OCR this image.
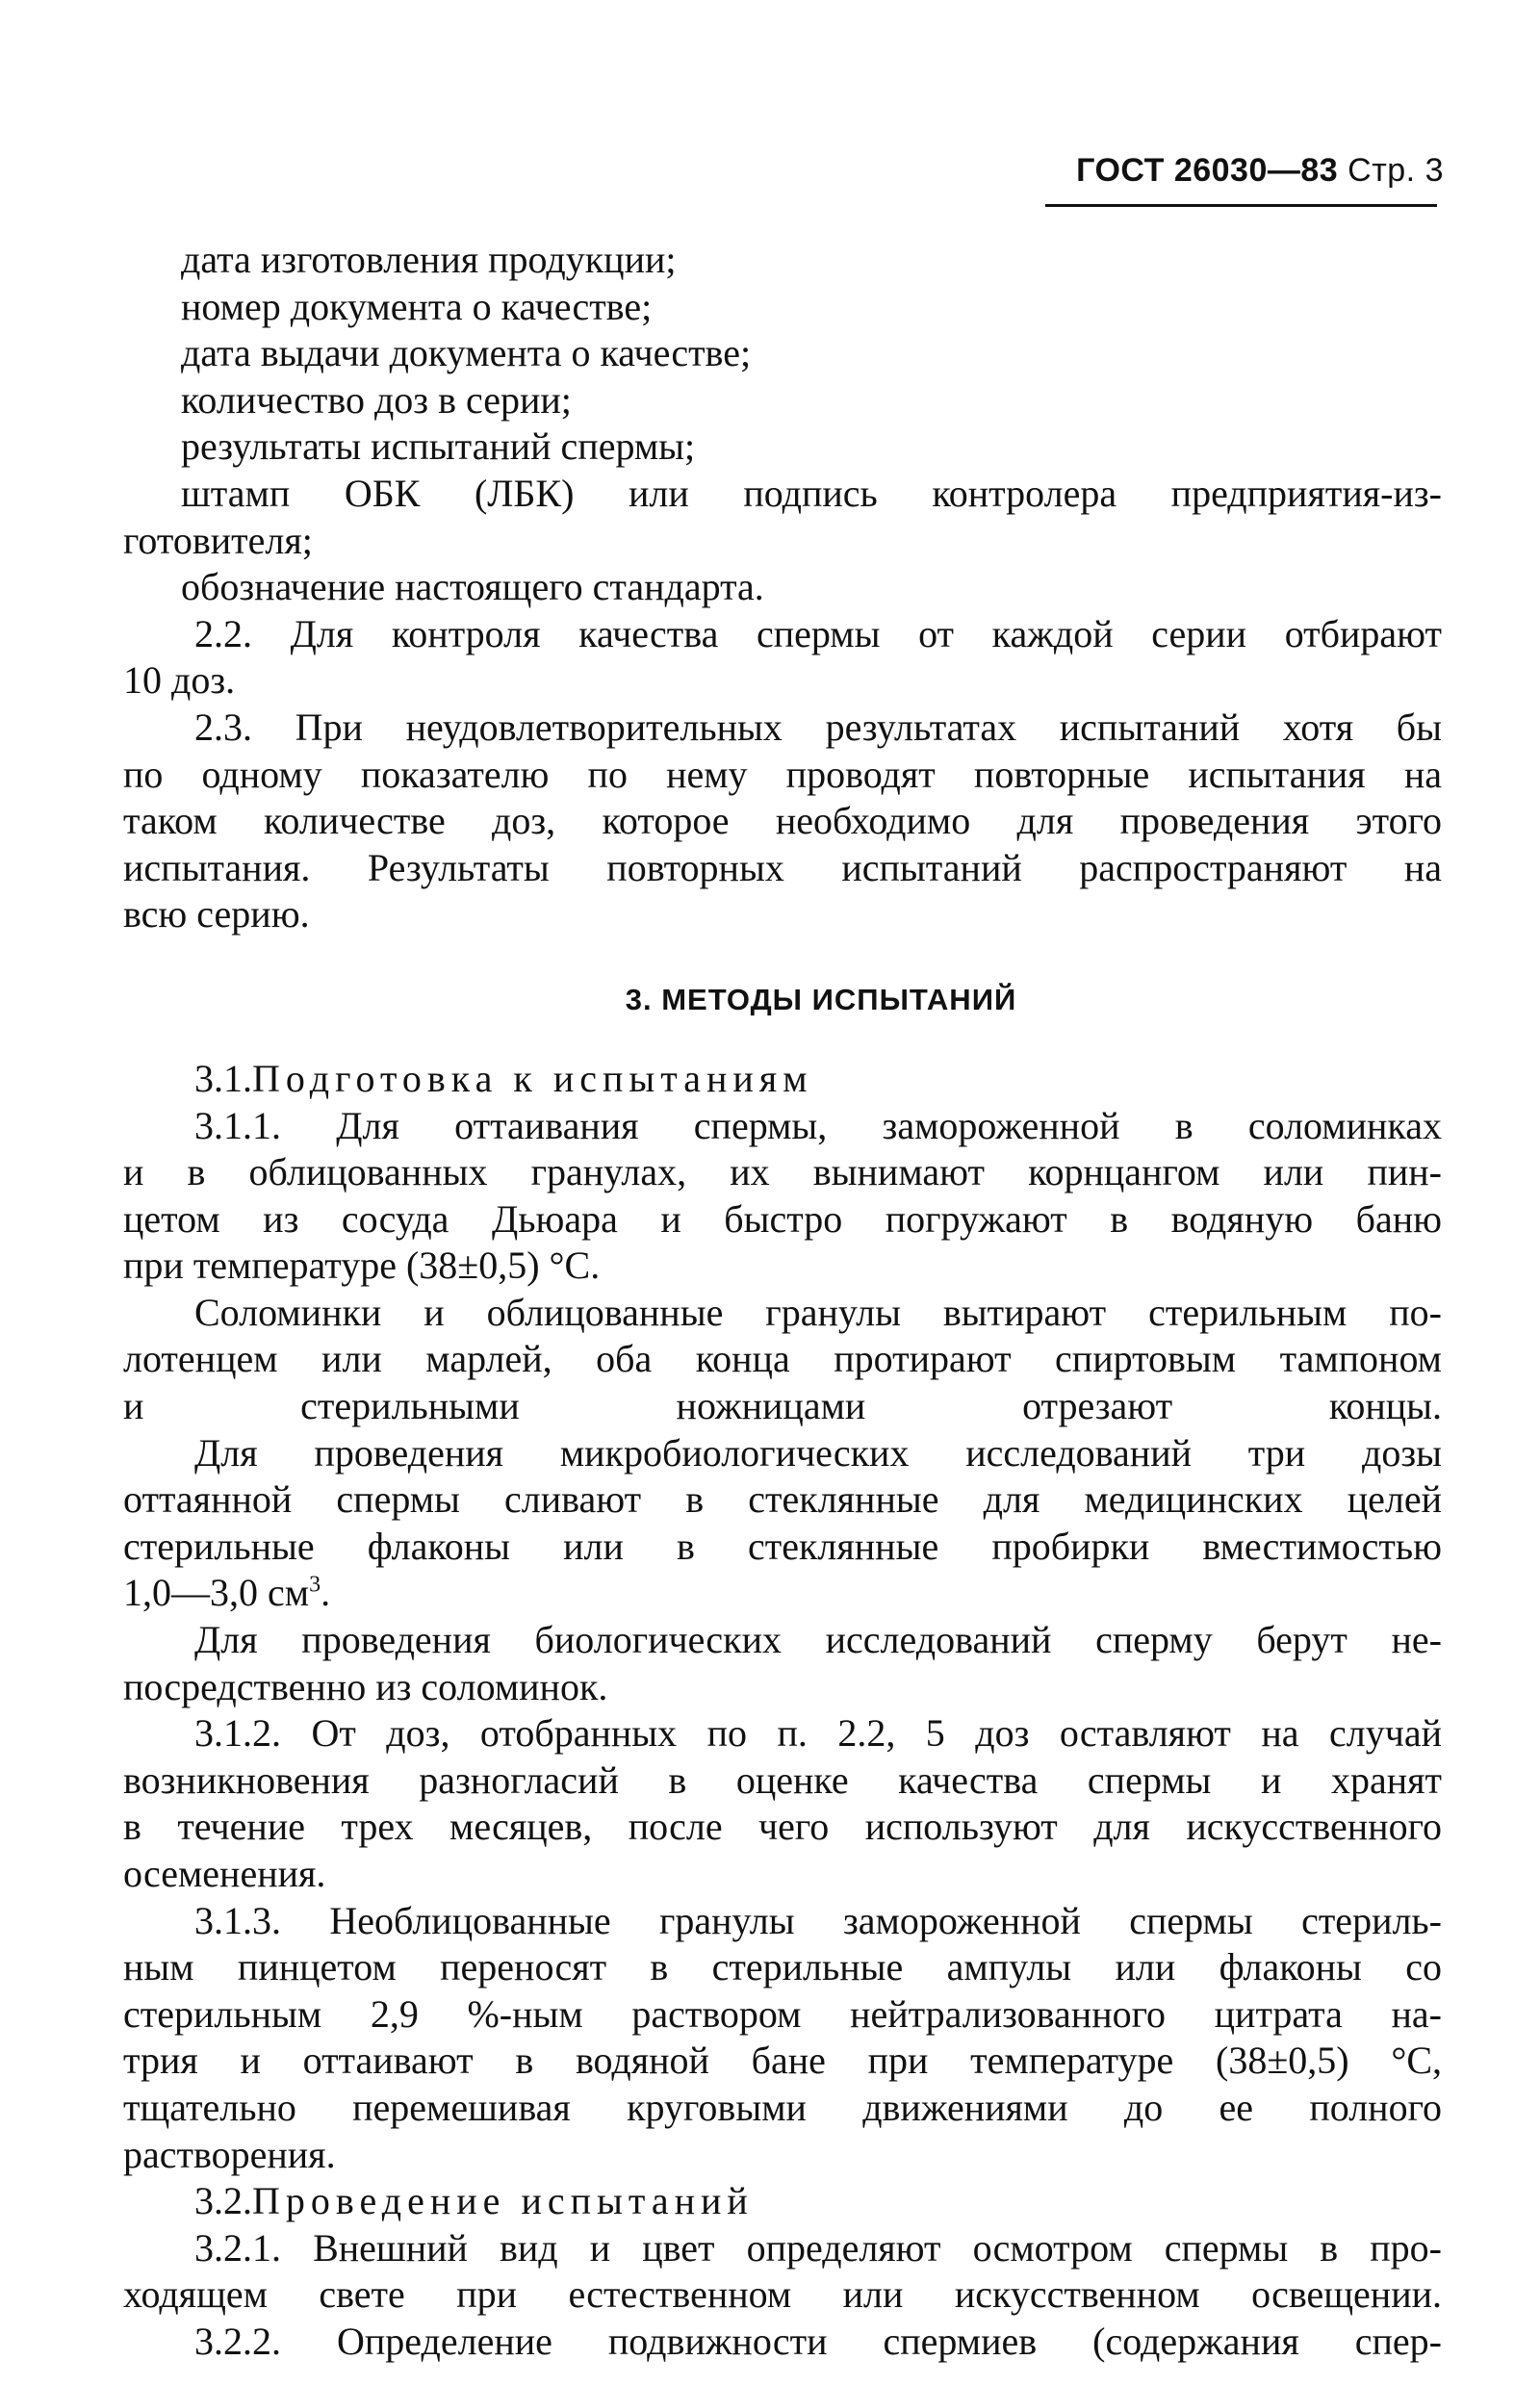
ГОСТ 26030—83 Стр. 3
дата изготовления продукции;
номер документа о качестве;
дата выдачи документа о качестве;
количество доз в серии;
результаты испытаний спермы;
штамп ОБК (ЛБК) или подпись контролера предприятия-из-
готовителя;
обозначение настоящего стандарта.
2.2. Для контроля качества спермы от каждой серии отбирают
10 доз.
2.3. При неудовлетворительных результатах испытаний хотя бы
по одному показателю по нему проводят повторные испытания на
таком количестве доз, которое необходимо для проведения этого
испытания. Результаты повторных испытаний распространяют на
всю серию.
3. МЕТОДЫ ИСПЫТАНИЙ
3.1.Подготовка к испытаниям
3.1.1. Для оттаивания спермы, замороженной в соломинках
и в облицованных гранулах, их вынимают корнцангом или пин-
цетом из сосуда Дьюара и быстро погружают в водяную баню
при температуре (38±0,5) °С.
Соломинки и облицованные гранулы вытирают стерильным по-
лотенцем или марлей, оба конца протирают спиртовым тампоном
и стерильными ножницами отрезают концы.
Для проведения микробиологических исследований три дозы
оттаянной спермы сливают в стеклянные для медицинских целей
стерильные флаконы или в стеклянные пробирки вместимостью
1,0—3,0 $см^3$.
Для проведения биологических исследований сперму берут не-
посредственно из соломинок.
3.1.2. От доз, отобранных по п. 2.2, 5 доз оставляют на случай
возникновения разногласий в оценке качества спермы и хранят
в течение трех месяцев, после чего используют для искусственного
осеменения.
3.1.3. Необлицованные гранулы замороженной спермы стериль-
ным пинцетом переносят в стерильные ампулы или флаконы со
стерильным 2,9 %-ным раствором нейтрализованного цитрата на-
трия и оттаивают в водяной бане при температуре (38±0,5) °С,
тщательно перемешивая круговыми движениями до ее полного
растворения.
3.2.Проведение испытаний
3.2.1. Внешний вид и цвет определяют осмотром спермы в про-
ходящем свете при естественном или искусственном освещении.
3.2.2. Определение подвижности спермиев (содержания спер-
